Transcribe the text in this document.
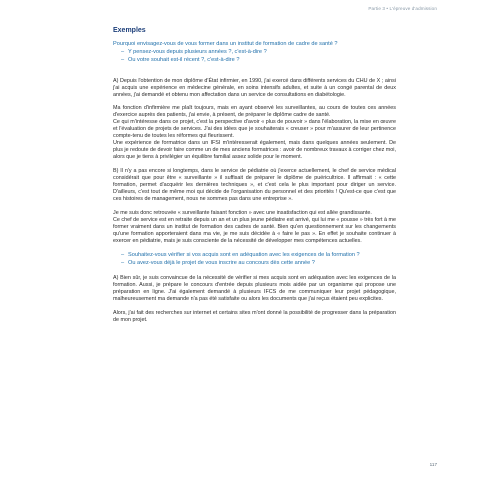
Partie 3 • L'épreuve d'admission
Exemples

Pourquoi envisagez-vous de vous former dans un institut de formation de cadre de santé ?

– Y pensez-vous depuis plusieurs années ?, c'est-à-dire ?

– Ou votre souhait est-il récent ?, c'est-à-dire ?

A) Depuis l'obtention de mon diplôme d'État infirmier, en 1990, j'ai exercé dans différents services du CHU de X ; ainsi j'ai acquis une expérience en médecine générale, en soins intensifs adultes, et suite à un congé parental de deux années, j'ai demandé et obtenu mon affectation dans un service de consultations en diabétologie.

Ma fonction d'infirmière me plaît toujours, mais en ayant observé les surveillantes, au cours de toutes ces années d'exercice auprès des patients, j'ai envie, à présent, de préparer le diplôme cadre de santé.

Ce qui m'intéresse dans ce projet, c'est la perspective d'avoir « plus de pouvoir » dans l'élaboration, la mise en œuvre et l'évaluation de projets de services. J'ai des idées que je souhaiterais « creuser » pour m'assurer de leur pertinence compte-tenu de toutes les réformes qui fleurissent.

Une expérience de formatrice dans un IFSI m'intéresserait également, mais dans quelques années seulement. De plus je redoute de devoir faire comme un de mes anciens formatrices : avoir de nombreux travaux à corriger chez moi, alors que je tiens à privilégier un équilibre familial assez solide pour le moment.

B) Il n'y a pas encore si longtemps, dans le service de pédiatrie où j'exerce actuellement, le chef de service médical considérait que pour être « surveillante » il suffisait de préparer le diplôme de puéricultrice. Il affirmait : « cette formation, permet d'acquérir les dernières techniques », et c'est cela le plus important pour diriger un service. D'ailleurs, c'est tout de même moi qui décide de l'organisation du personnel et des priorités ! Qu'est-ce que c'est que ces histoires de management, nous ne sommes pas dans une entreprise ».

Je me suis donc retrouvée « surveillante faisant fonction » avec une insatisfaction qui est allée grandissante.

Ce chef de service est en retraite depuis un an et un plus jeune pédiatre est arrivé, qui lui me « pousse » très fort à me former vraiment dans un institut de formation des cadres de santé. Bien qu'en questionnement sur les changements qu'une formation apporteraient dans ma vie, je me suis décidée à « faire le pas ». En effet je souhaite continuer à exercer en pédiatrie, mais je suis consciente de la nécessité de développer mes compétences actuelles.

– Souhaitez-vous vérifier si vos acquis sont en adéquation avec les exigences de la formation ?

– Ou avez-vous déjà le projet de vous inscrire au concours dès cette année ?

A) Bien sûr, je suis convaincue de la nécessité de vérifier si mes acquis sont en adéquation avec les exigences de la formation. Aussi, je prépare le concours d'entrée depuis plusieurs mois aidée par un organisme qui propose une préparation en ligne. J'ai également demandé à plusieurs IFCS de me communiquer leur projet pédagogique, malheureusement ma demande n'a pas été satisfaite ou alors les documents que j'ai reçus étaient peu explicites.

Alors, j'ai fait des recherches sur internet et certains sites m'ont donné la possibilité de progresser dans la préparation de mon projet.

117
